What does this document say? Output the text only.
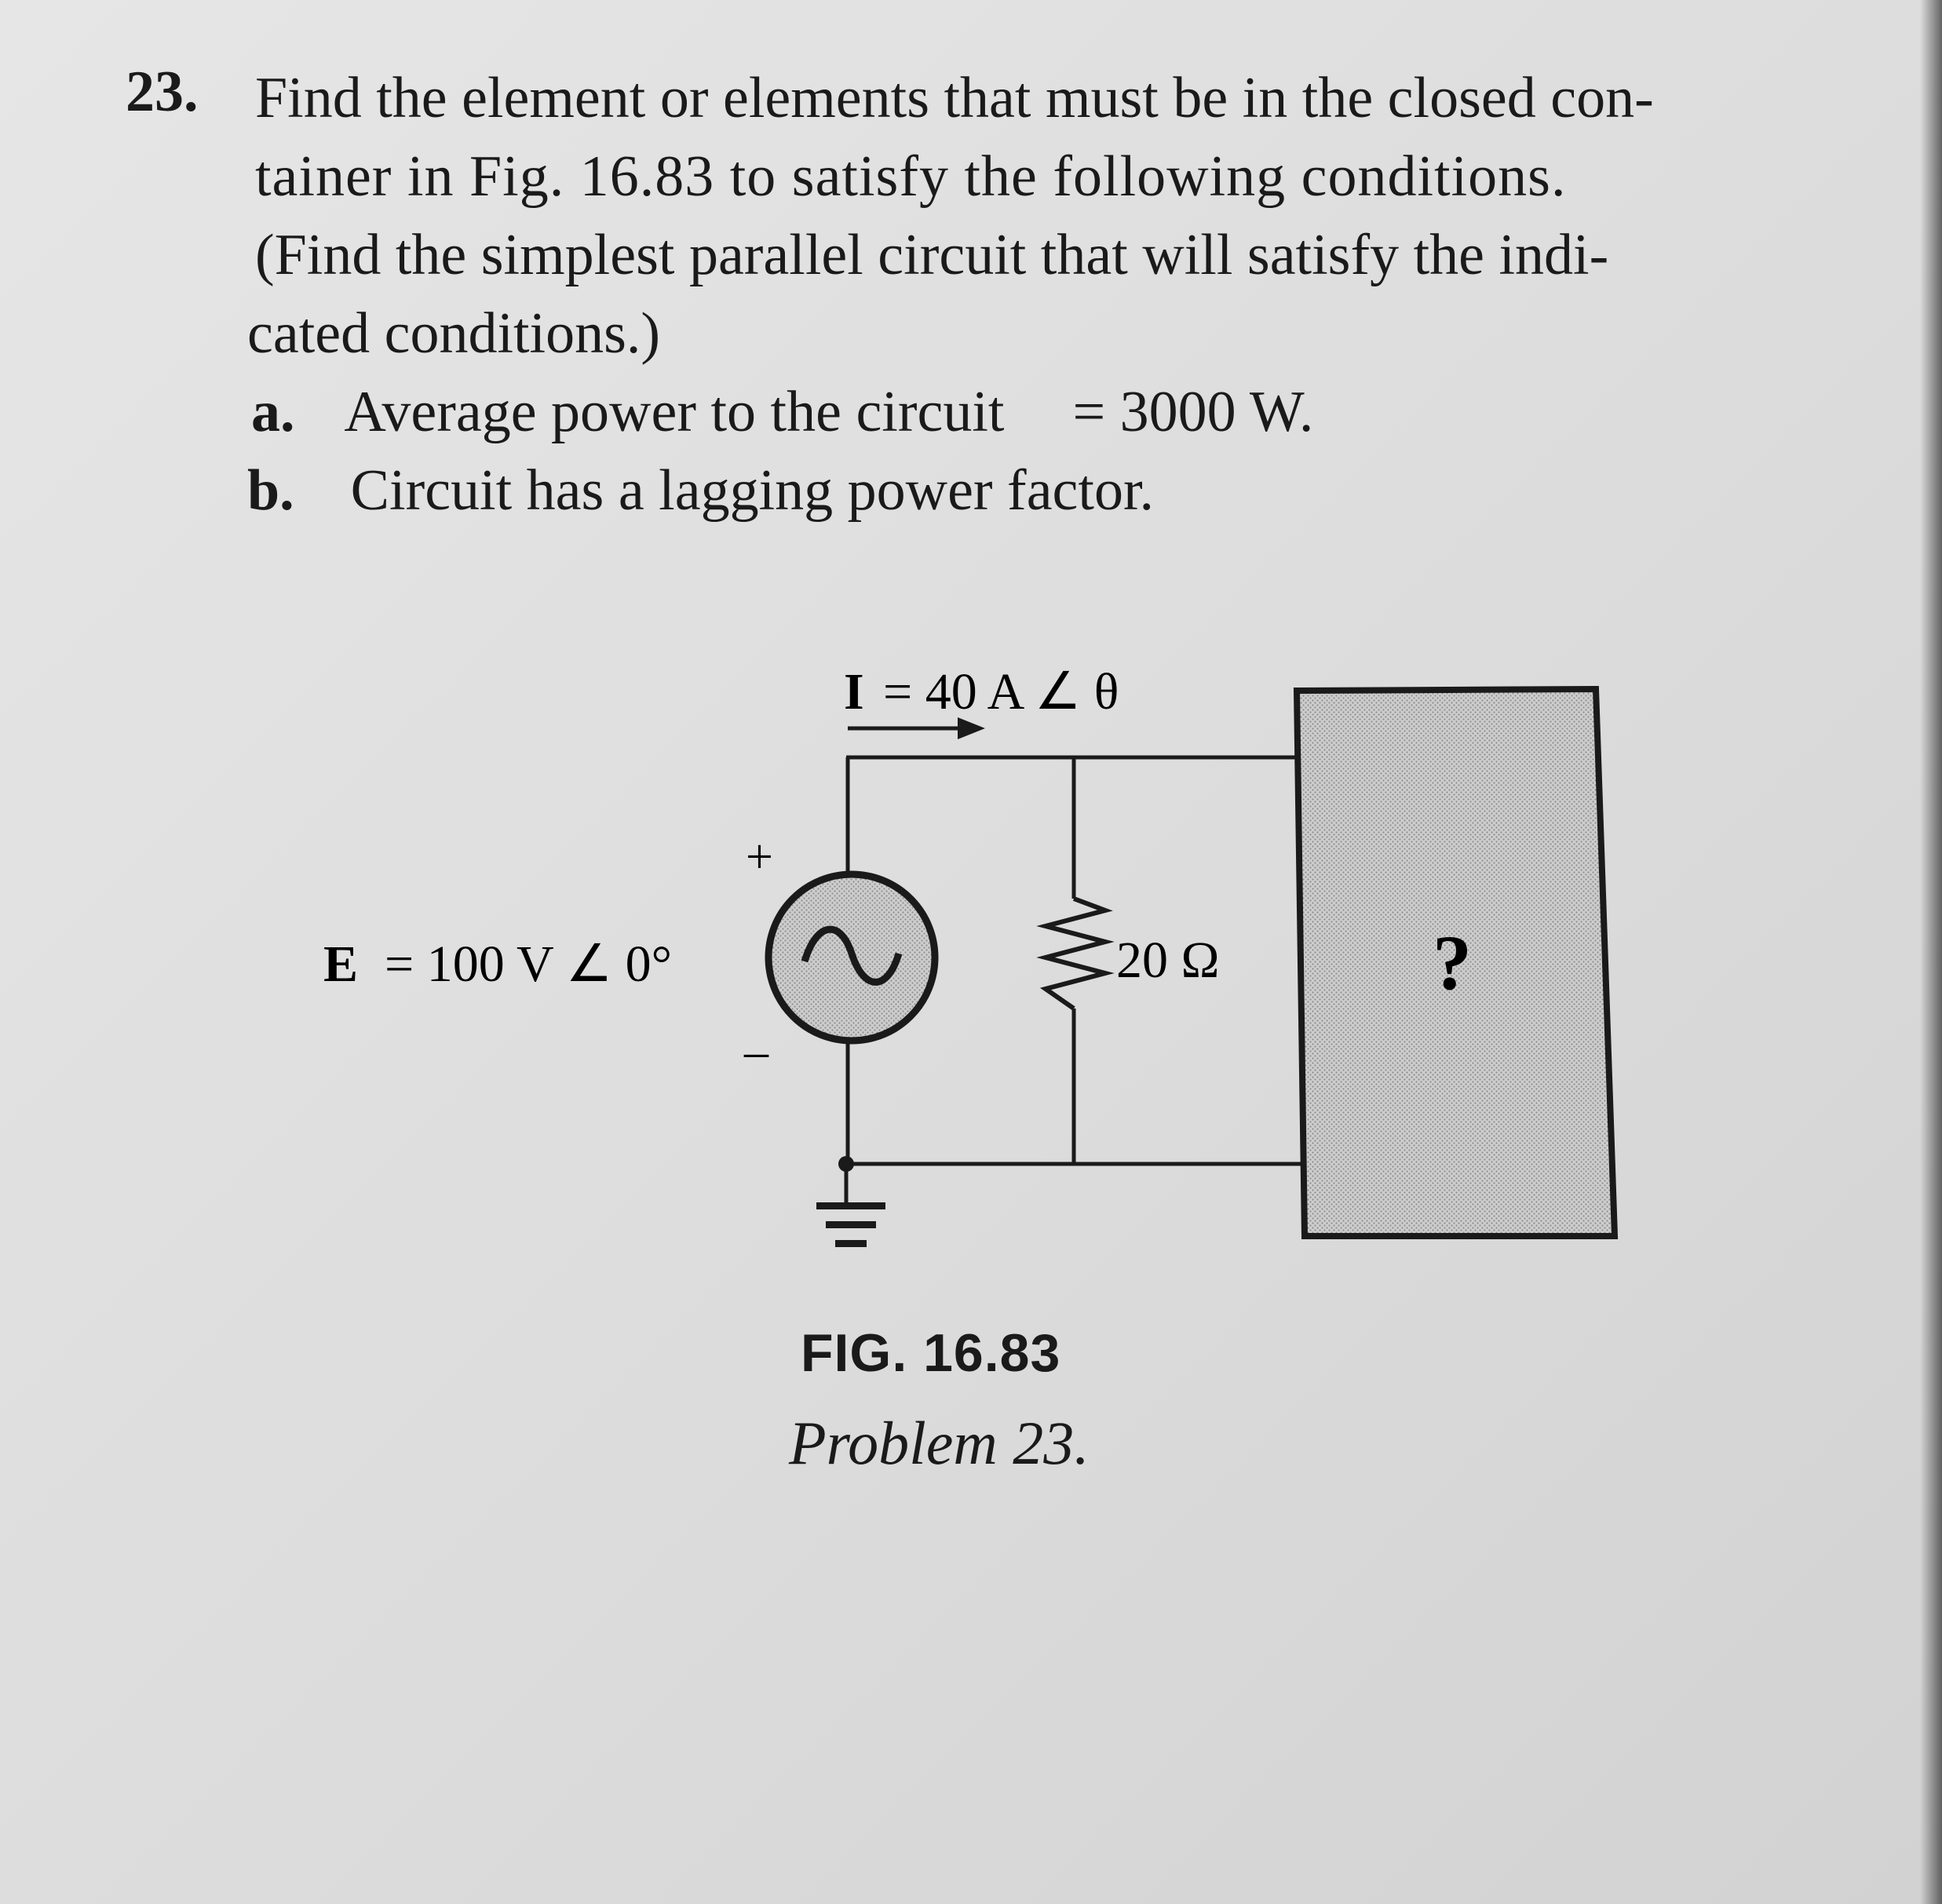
23. Find the element or elements that must be in the closed con-
tainer in Fig. 16.83 to satisfy the following conditions.
(Find the simplest parallel circuit that will satisfy the indi-
cated conditions.)
a. Average power to the circuit = 3000 W.
b. Circuit has a lagging power factor.
I = 40 A ∠ θ
+
–
E = 100 V ∠ 0°	20 Ω	?
FIG. 16.83
Problem 23.
